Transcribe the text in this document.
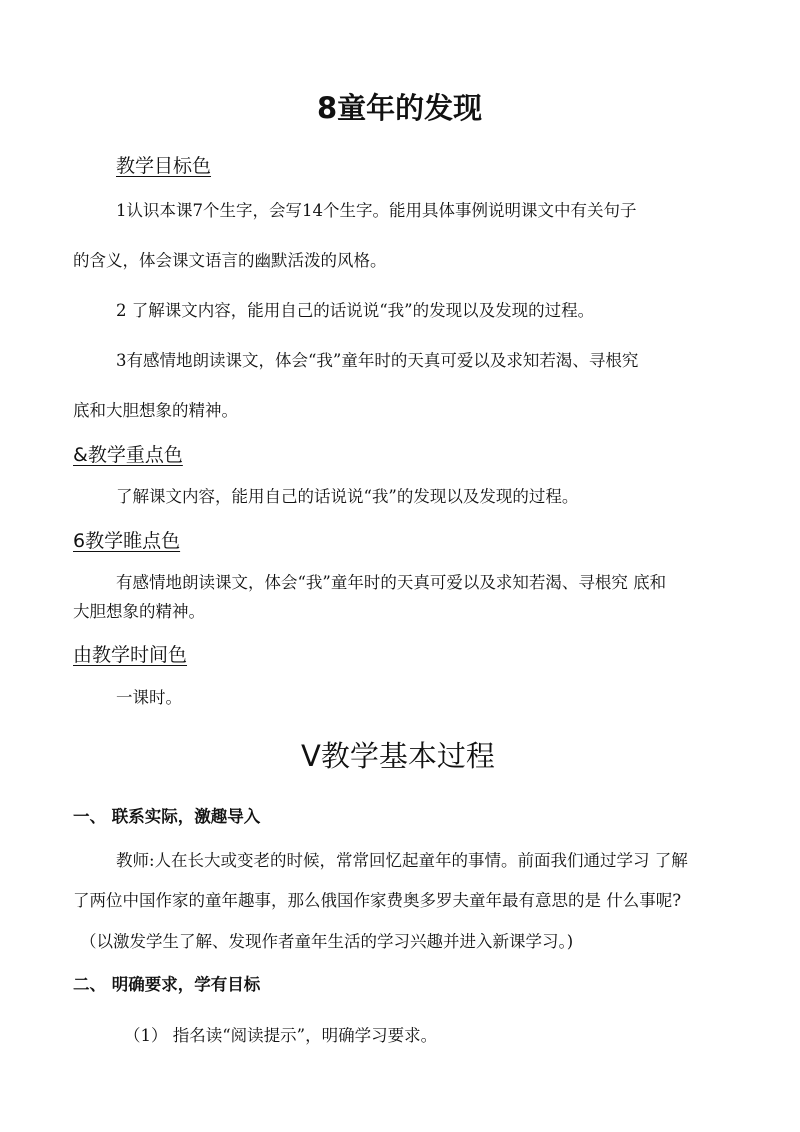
8童年的发现
教学目标色
1认识本课7个生字，会写14个生字。能用具体事例说明课文中有关句子
的含义，体会课文语言的幽默活泼的风格。
2 了解课文内容，能用自己的话说说“我”的发现以及发现的过程。
3有感情地朗读课文，体会“我”童年时的天真可爱以及求知若渴、寻根究
底和大胆想象的精神。
&教学重点色
了解课文内容，能用自己的话说说“我”的发现以及发现的过程。
6教学睢点色
有感情地朗读课文，体会“我”童年时的天真可爱以及求知若渴、寻根究 底和
大胆想象的精神。
由教学时间色
一课时。
V教学基本过程
一、 联系实际，激趣导入
教师:人在长大或变老的时候，常常回忆起童年的事情。前面我们通过学习 了解
了两位中国作家的童年趣事，那么俄国作家费奥多罗夫童年最有意思的是 什么事呢?
（以激发学生了解、发现作者童年生活的学习兴趣并进入新课学习。)
二、 明确要求，学有目标
（1） 指名读“阅读提示”，明确学习要求。
